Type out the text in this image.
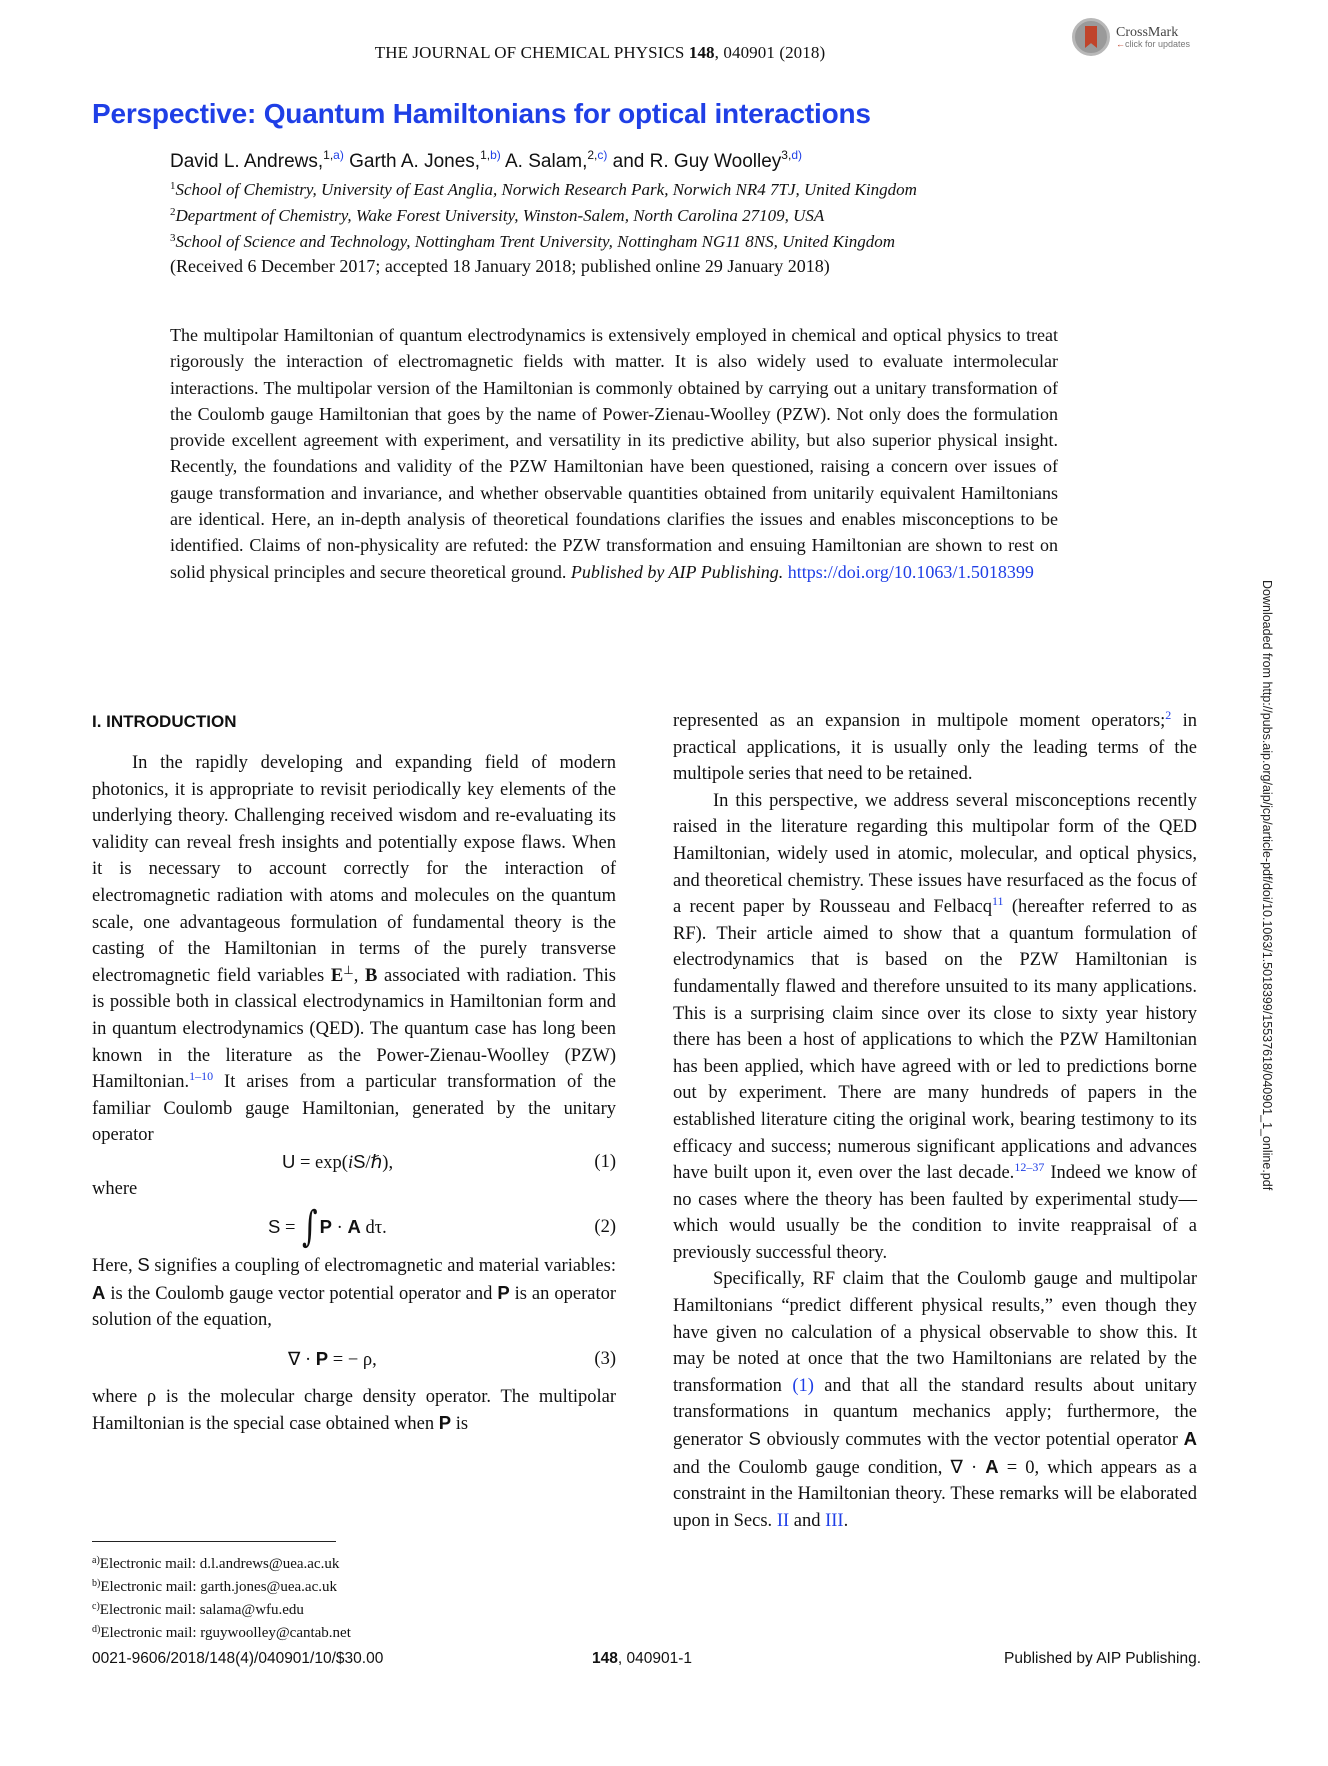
THE JOURNAL OF CHEMICAL PHYSICS 148, 040901 (2018)
CrossMark
←click for updates
Perspective: Quantum Hamiltonians for optical interactions
David L. Andrews,$^{1,a)}$ Garth A. Jones,$^{1,b)}$ A. Salam,$^{2,c)}$ and R. Guy Woolley$^{3,d)}$
$^1$School of Chemistry, University of East Anglia, Norwich Research Park, Norwich NR4 7TJ, United Kingdom
$^2$Department of Chemistry, Wake Forest University, Winston-Salem, North Carolina 27109, USA
$^3$School of Science and Technology, Nottingham Trent University, Nottingham NG11 8NS, United Kingdom
(Received 6 December 2017; accepted 18 January 2018; published online 29 January 2018)
The multipolar Hamiltonian of quantum electrodynamics is extensively employed in chemical and optical physics to treat rigorously the interaction of electromagnetic fields with matter. It is also widely used to evaluate intermolecular interactions. The multipolar version of the Hamiltonian is commonly obtained by carrying out a unitary transformation of the Coulomb gauge Hamiltonian that goes by the name of Power-Zienau-Woolley (PZW). Not only does the formulation provide excellent agreement with experiment, and versatility in its predictive ability, but also superior physical insight. Recently, the foundations and validity of the PZW Hamiltonian have been questioned, raising a concern over issues of gauge transformation and invariance, and whether observable quantities obtained from unitarily equivalent Hamiltonians are identical. Here, an in-depth analysis of theoretical foundations clarifies the issues and enables misconceptions to be identified. Claims of non-physicality are refuted: the PZW transformation and ensuing Hamiltonian are shown to rest on solid physical principles and secure theoretical ground. Published by AIP Publishing. https://doi.org/10.1063/1.5018399
Downloaded from http://pubs.aip.org/aip/jcp/article-pdf/doi/10.1063/1.5018399/15537618/040901_1_online.pdf
I. INTRODUCTION

In the rapidly developing and expanding field of modern photonics, it is appropriate to revisit periodically key elements of the underlying theory. Challenging received wisdom and re-evaluating its validity can reveal fresh insights and potentially expose flaws. When it is necessary to account correctly for the interaction of electromagnetic radiation with atoms and molecules on the quantum scale, one advantageous formulation of fundamental theory is the casting of the Hamiltonian in terms of the purely transverse electromagnetic field variables E⊥, B associated with radiation. This is possible both in classical electrodynamics in Hamiltonian form and in quantum electrodynamics (QED). The quantum case has long been known in the literature as the Power-Zienau-Woolley (PZW) Hamiltonian.$^{1-10}$ It arises from a particular transformation of the familiar Coulomb gauge Hamiltonian, generated by the unitary operator

U = exp(iS/ℏ),	(1)

where

S = ∫ P · A dτ.	(2)

Here, S signifies a coupling of electromagnetic and material variables: A is the Coulomb gauge vector potential operator and P is an operator solution of the equation,

∇ · P = − ρ,	(3)

where ρ is the molecular charge density operator. The multipolar Hamiltonian is the special case obtained when P is

represented as an expansion in multipole moment operators;$^2$ in practical applications, it is usually only the leading terms of the multipole series that need to be retained.

In this perspective, we address several misconceptions recently raised in the literature regarding this multipolar form of the QED Hamiltonian, widely used in atomic, molecular, and optical physics, and theoretical chemistry. These issues have resurfaced as the focus of a recent paper by Rousseau and Felbacq$^{11}$ (hereafter referred to as RF). Their article aimed to show that a quantum formulation of electrodynamics that is based on the PZW Hamiltonian is fundamentally flawed and therefore unsuited to its many applications. This is a surprising claim since over its close to sixty year history there has been a host of applications to which the PZW Hamiltonian has been applied, which have agreed with or led to predictions borne out by experiment. There are many hundreds of papers in the established literature citing the original work, bearing testimony to its efficacy and success; numerous significant applications and advances have built upon it, even over the last decade.$^{12-37}$ Indeed we know of no cases where the theory has been faulted by experimental study—which would usually be the condition to invite reappraisal of a previously successful theory.

Specifically, RF claim that the Coulomb gauge and multipolar Hamiltonians “predict different physical results,” even though they have given no calculation of a physical observable to show this. It may be noted at once that the two Hamiltonians are related by the transformation (1) and that all the standard results about unitary transformations in quantum mechanics apply; furthermore, the generator S obviously commutes with the vector potential operator A and the Coulomb gauge condition, ∇ · A = 0, which appears as a constraint in the Hamiltonian theory. These remarks will be elaborated upon in Secs. II and III.

$^{a)}$Electronic mail: d.l.andrews@uea.ac.uk
$^{b)}$Electronic mail: garth.jones@uea.ac.uk
$^{c)}$Electronic mail: salama@wfu.edu
$^{d)}$Electronic mail: rguywoolley@cantab.net
0021-9606/2018/148(4)/040901/10/$30.00	148, 040901-1	Published by AIP Publishing.
